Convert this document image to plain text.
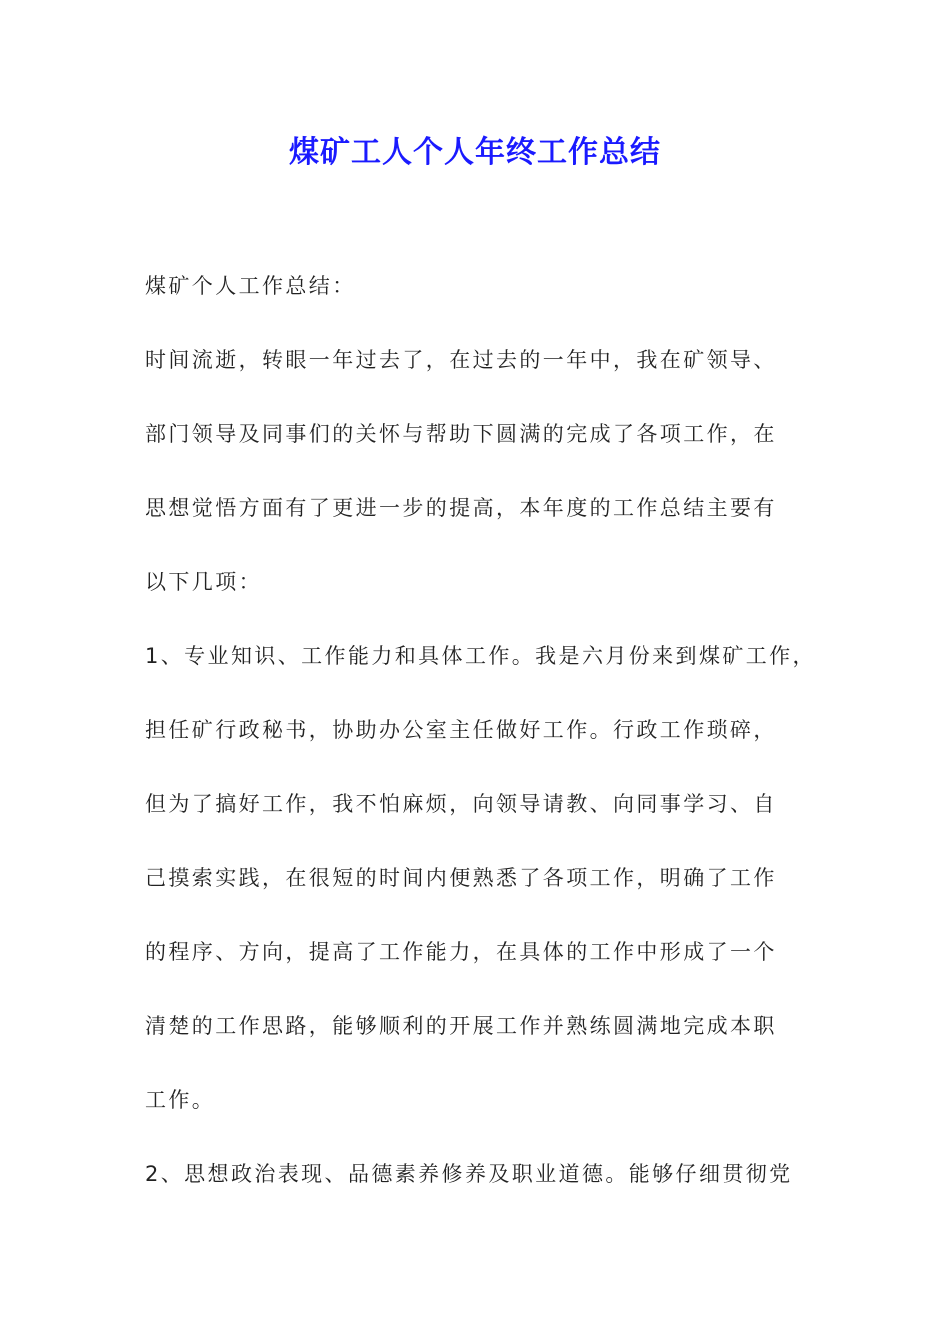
煤矿工人个人年终工作总结
煤矿个人工作总结：
时间流逝，转眼一年过去了，在过去的一年中，我在矿领导、
部门领导及同事们的关怀与帮助下圆满的完成了各项工作，在
思想觉悟方面有了更进一步的提高，本年度的工作总结主要有
以下几项：
1、专业知识、工作能力和具体工作。我是六月份来到煤矿工作，
担任矿行政秘书，协助办公室主任做好工作。行政工作琐碎，
但为了搞好工作，我不怕麻烦，向领导请教、向同事学习、自
己摸索实践，在很短的时间内便熟悉了各项工作，明确了工作
的程序、方向，提高了工作能力，在具体的工作中形成了一个
清楚的工作思路，能够顺利的开展工作并熟练圆满地完成本职
工作。
2、思想政治表现、品德素养修养及职业道德。能够仔细贯彻党
